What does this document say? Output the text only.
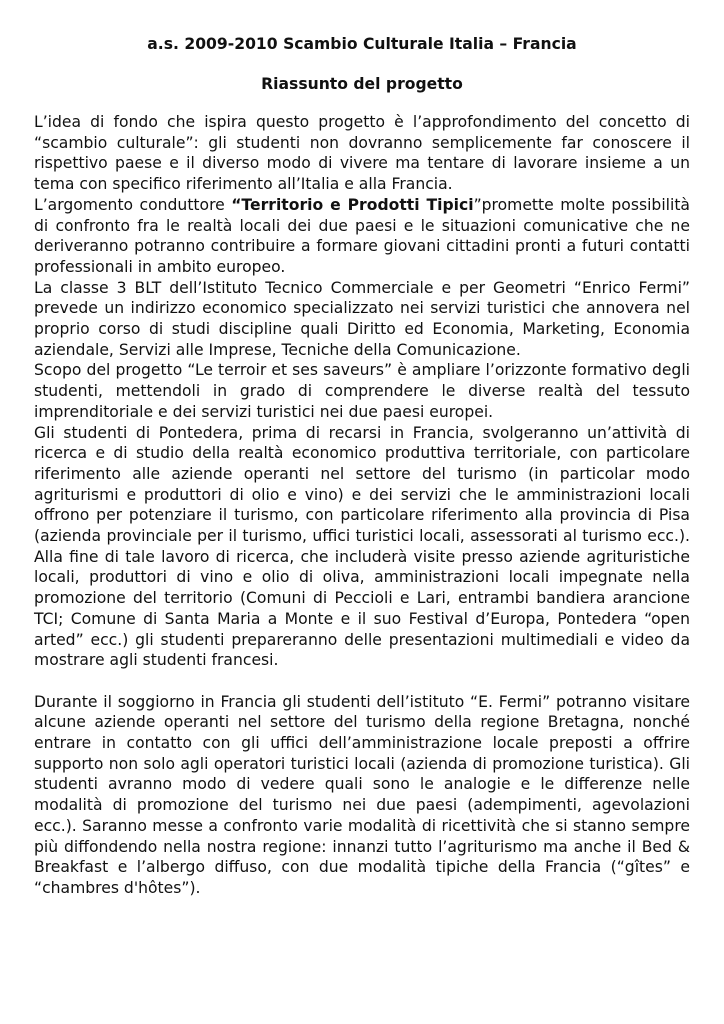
a.s. 2009-2010 Scambio Culturale Italia – Francia
Riassunto del progetto

L’idea di fondo che ispira questo progetto è l’approfondimento del concetto di “scambio culturale”: gli studenti non dovranno semplicemente far conoscere il rispettivo paese e il diverso modo di vivere ma tentare di lavorare insieme a un tema con specifico riferimento all’Italia e alla Francia.

L’argomento conduttore “Territorio e Prodotti Tipici”promette molte possibilità di confronto fra le realtà locali dei due paesi e le situazioni comunicative che ne deriveranno potranno contribuire a formare giovani cittadini pronti a futuri contatti professionali in ambito europeo.

La classe 3 BLT dell’Istituto Tecnico Commerciale e per Geometri “Enrico Fermi” prevede un indirizzo economico specializzato nei servizi turistici che annovera nel proprio corso di studi discipline quali Diritto ed Economia, Marketing, Economia aziendale, Servizi alle Imprese, Tecniche della Comunicazione.

Scopo del progetto “Le terroir et ses saveurs” è ampliare l’orizzonte formativo degli studenti, mettendoli in grado di comprendere le diverse realtà del tessuto imprenditoriale e dei servizi turistici nei due paesi europei.

Gli studenti di Pontedera, prima di recarsi in Francia, svolgeranno un’attività di ricerca e di studio della realtà economico produttiva territoriale, con particolare riferimento alle aziende operanti nel settore del turismo (in particolar modo agriturismi e produttori di olio e vino) e dei servizi che le amministrazioni locali offrono per potenziare il turismo, con particolare riferimento alla provincia di Pisa (azienda provinciale per il turismo, uffici turistici locali, assessorati al turismo ecc.). Alla fine di tale lavoro di ricerca, che includerà visite presso aziende agrituristiche locali, produttori di vino e olio di oliva, amministrazioni locali impegnate nella promozione del territorio (Comuni di Peccioli e Lari, entrambi bandiera arancione TCI; Comune di Santa Maria a Monte e il suo Festival d’Europa, Pontedera “open arted” ecc.) gli studenti prepareranno delle presentazioni multimediali e video da mostrare agli studenti francesi.

Durante il soggiorno in Francia gli studenti dell’istituto “E. Fermi” potranno visitare alcune aziende operanti nel settore del turismo della regione Bretagna, nonché entrare in contatto con gli uffici dell’amministrazione locale preposti a offrire supporto non solo agli operatori turistici locali (azienda di promozione turistica). Gli studenti avranno modo di vedere quali sono le analogie e le differenze nelle modalità di promozione del turismo nei due paesi (adempimenti, agevolazioni ecc.). Saranno messe a confronto varie modalità di ricettività che si stanno sempre più diffondendo nella nostra regione: innanzi tutto l’agriturismo ma anche il Bed & Breakfast e l’albergo diffuso, con due modalità tipiche della Francia (“gîtes” e “chambres d'hôtes”).
